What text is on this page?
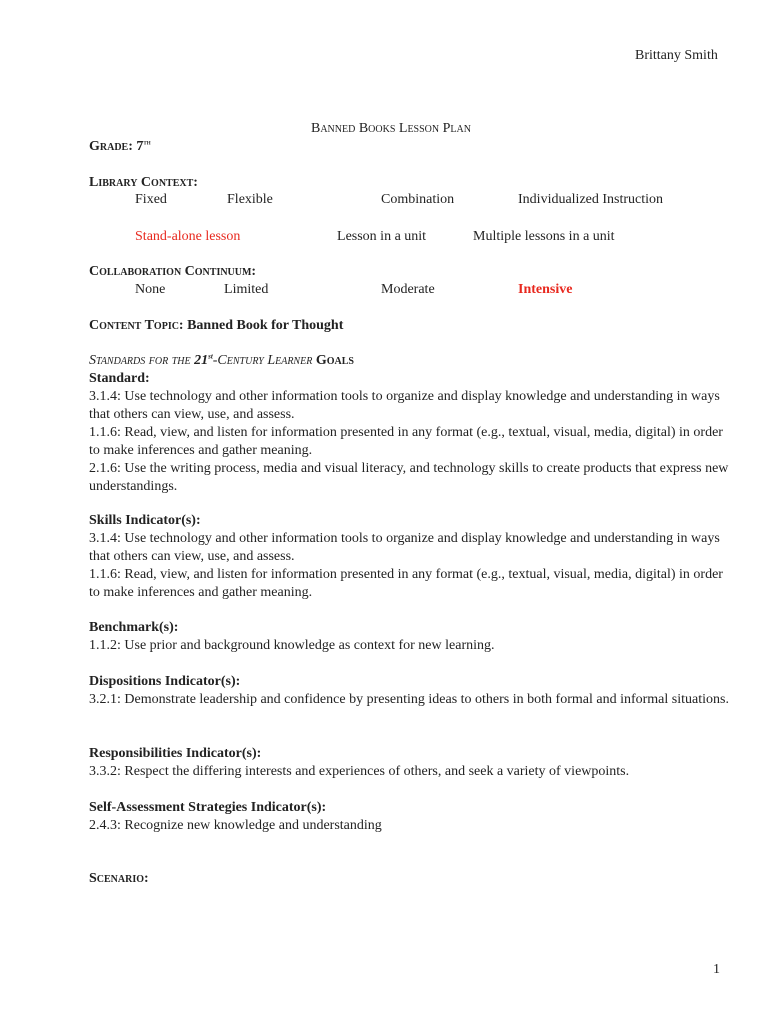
Brittany Smith
Banned Books Lesson Plan
Grade: 7th
Library Context:
⊣⃞ Fixed	⊣⃞ Flexible	⊣⃞ Combination	⊣⃞ Individualized Instruction
⊣⃞ Stand-alone lesson	⊣⃞ Lesson in a unit	⊣⃞ Multiple lessons in a unit
Collaboration Continuum:
⊣⃞ None	⊣⃞ Limited	⊣⃞ Moderate	⊣⃞ Intensive
Content Topic: Banned Book for Thought
Standards for the 21st-Century Learner Goals

Standard:

3.1.4: Use technology and other information tools to organize and display knowledge and understanding in ways that others can view, use, and assess.

1.1.6: Read, view, and listen for information presented in any format (e.g., textual, visual, media, digital) in order to make inferences and gather meaning.

2.1.6: Use the writing process, media and visual literacy, and technology skills to create products that express new understandings.

Skills Indicator(s):

3.1.4: Use technology and other information tools to organize and display knowledge and understanding in ways that others can view, use, and assess.

1.1.6: Read, view, and listen for information presented in any format (e.g., textual, visual, media, digital) in order to make inferences and gather meaning.

Benchmark(s):

1.1.2: Use prior and background knowledge as context for new learning.

Dispositions Indicator(s):

3.2.1: Demonstrate leadership and confidence by presenting ideas to others in both formal and informal situations.

Responsibilities Indicator(s):

3.3.2: Respect the differing interests and experiences of others, and seek a variety of viewpoints.

Self-Assessment Strategies Indicator(s):

2.4.3: Recognize new knowledge and understanding

Scenario:
1
